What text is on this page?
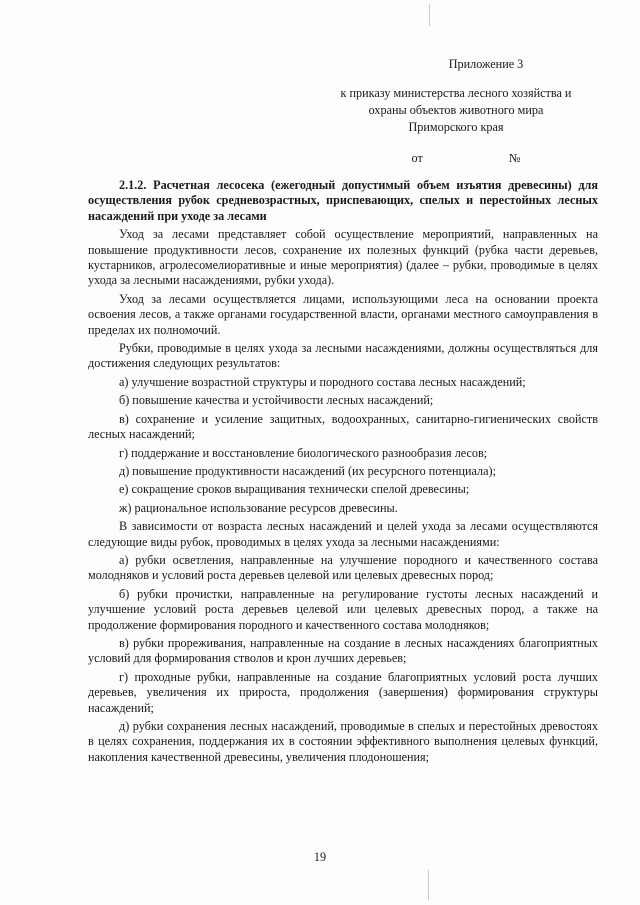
Приложение 3
к приказу министерства лесного хозяйства и
охраны объектов животного мира
Приморского края
от	№
2.1.2. Расчетная лесосека (ежегодный допустимый объем изъятия древесины) для осуществления рубок средневозрастных, приспевающих, спелых и перестойных лесных насаждений при уходе за лесами

Уход за лесами представляет собой осуществление мероприятий, направленных на повышение продуктивности лесов, сохранение их полезных функций (рубка части деревьев, кустарников, агролесомелиоративные и иные мероприятия) (далее – рубки, проводимые в целях ухода за лесными насаждениями, рубки ухода).

Уход за лесами осуществляется лицами, использующими леса на основании проекта освоения лесов, а также органами государственной власти, органами местного самоуправления в пределах их полномочий.

Рубки, проводимые в целях ухода за лесными насаждениями, должны осуществляться для достижения следующих результатов:

а) улучшение возрастной структуры и породного состава лесных насаждений;

б) повышение качества и устойчивости лесных насаждений;

в) сохранение и усиление защитных, водоохранных, санитарно-гигиенических свойств лесных насаждений;

г) поддержание и восстановление биологического разнообразия лесов;

д) повышение продуктивности насаждений (их ресурсного потенциала);

е) сокращение сроков выращивания технически спелой древесины;

ж) рациональное использование ресурсов древесины.

В зависимости от возраста лесных насаждений и целей ухода за лесами осуществляются следующие виды рубок, проводимых в целях ухода за лесными насаждениями:

а) рубки осветления, направленные на улучшение породного и качественного состава молодняков и условий роста деревьев целевой или целевых древесных пород;

б) рубки прочистки, направленные на регулирование густоты лесных насаждений и улучшение условий роста деревьев целевой или целевых древесных пород, а также на продолжение формирования породного и качественного состава молодняков;

в) рубки прореживания, направленные на создание в лесных насаждениях благоприятных условий для формирования стволов и крон лучших деревьев;

г) проходные рубки, направленные на создание благоприятных условий роста лучших деревьев, увеличения их прироста, продолжения (завершения) формирования структуры насаждений;

д) рубки сохранения лесных насаждений, проводимые в спелых и перестойных древостоях в целях сохранения, поддержания их в состоянии эффективного выполнения целевых функций, накопления качественной древесины, увеличения плодоношения;

19
